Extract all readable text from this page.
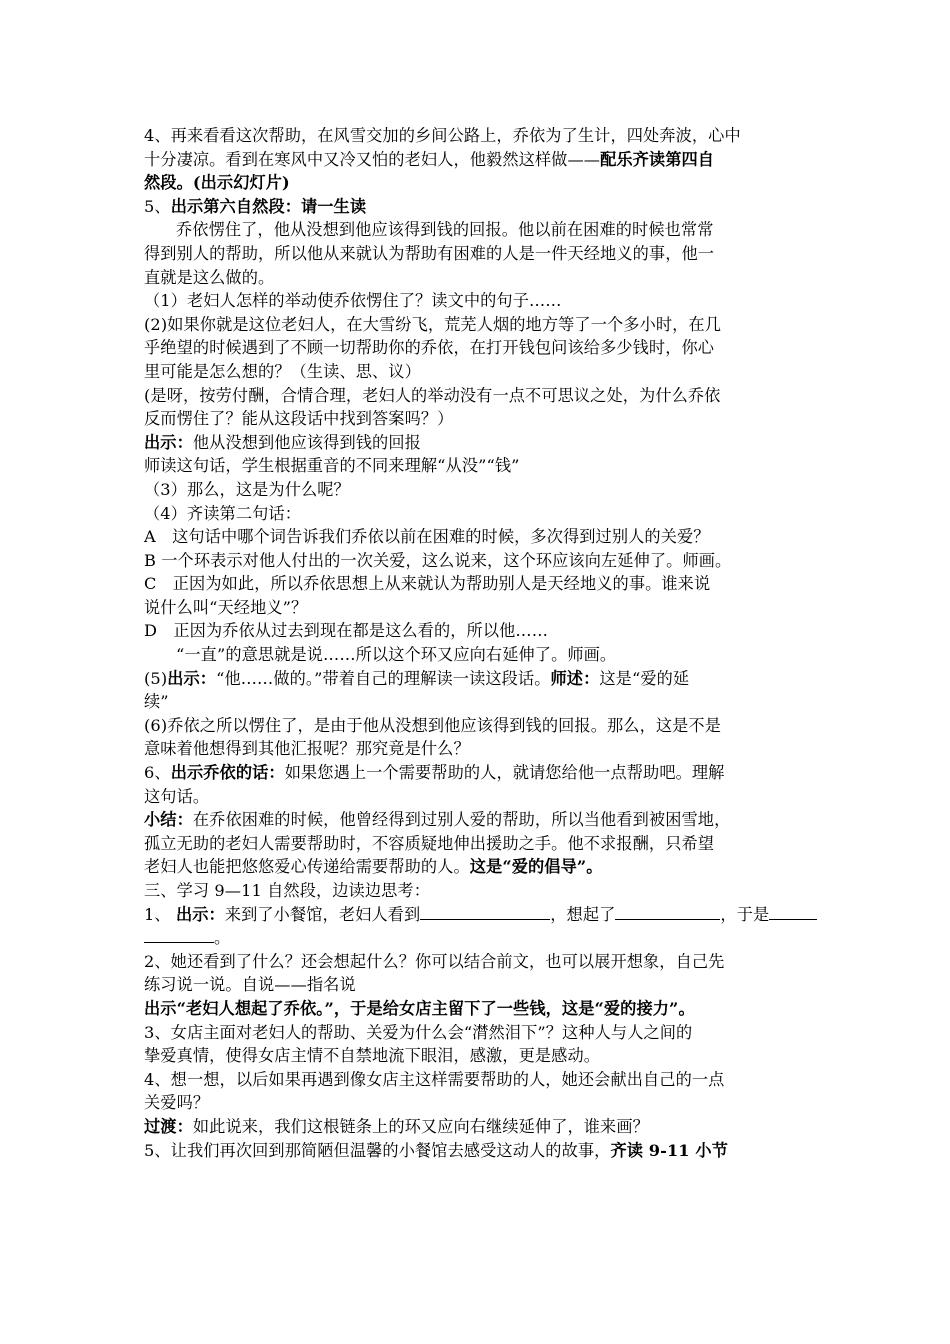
4、再来看看这次帮助，在风雪交加的乡间公路上，乔依为了生计，四处奔波，心中
十分凄凉。看到在寒风中又冷又怕的老妇人，他毅然这样做——配乐齐读第四自
然段。(出示幻灯片)
5、出示第六自然段：请一生读
乔依愣住了，他从没想到他应该得到钱的回报。他以前在困难的时候也常常
得到别人的帮助，所以他从来就认为帮助有困难的人是一件天经地义的事，他一
直就是这么做的。
（1）老妇人怎样的举动使乔依愣住了？读文中的句子……
(2)如果你就是这位老妇人，在大雪纷飞，荒芜人烟的地方等了一个多小时，在几
乎绝望的时候遇到了不顾一切帮助你的乔依，在打开钱包问该给多少钱时，你心
里可能是怎么想的？（生读、思、议）
(是呀，按劳付酬，合情合理，老妇人的举动没有一点不可思议之处，为什么乔依
反而愣住了？能从这段话中找到答案吗？）
出示：他从没想到他应该得到钱的回报
师读这句话，学生根据重音的不同来理解“从没”“钱”
（3）那么，这是为什么呢？
（4）齐读第二句话：
A　这句话中哪个词告诉我们乔依以前在困难的时候，多次得到过别人的关爱？
B 一个环表示对他人付出的一次关爱，这么说来，这个环应该向左延伸了。师画。
C　正因为如此，所以乔依思想上从来就认为帮助别人是天经地义的事。谁来说
说什么叫“天经地义”？
D　正因为乔依从过去到现在都是这么看的，所以他……
“一直”的意思就是说……所以这个环又应向右延伸了。师画。
(5)出示：“他……做的。”带着自己的理解读一读这段话。师述：这是“爱的延
续”
(6)乔依之所以愣住了，是由于他从没想到他应该得到钱的回报。那么，这是不是
意味着他想得到其他汇报呢？那究竟是什么？
6、出示乔依的话：如果您遇上一个需要帮助的人，就请您给他一点帮助吧。理解
这句话。
小结：在乔依困难的时候，他曾经得到过别人爱的帮助，所以当他看到被困雪地，
孤立无助的老妇人需要帮助时，不容质疑地伸出援助之手。他不求报酬，只希望
老妇人也能把悠悠爱心传递给需要帮助的人。这是“爱的倡导”。
三、学习 9—11 自然段，边读边思考：
1、 出示：来到了小餐馆，老妇人看到	，想起了	，于是
。
2、她还看到了什么？还会想起什么？你可以结合前文，也可以展开想象，自己先
练习说一说。自说——指名说
出示“老妇人想起了乔依。”，于是给女店主留下了一些钱，这是“爱的接力”。
3、女店主面对老妇人的帮助、关爱为什么会“潸然泪下”？这种人与人之间的
挚爱真情，使得女店主情不自禁地流下眼泪，感激，更是感动。
4、想一想，以后如果再遇到像女店主这样需要帮助的人，她还会献出自己的一点
关爱吗？
过渡：如此说来，我们这根链条上的环又应向右继续延伸了，谁来画？
5、让我们再次回到那简陋但温馨的小餐馆去感受这动人的故事，齐读 9-11 小节
